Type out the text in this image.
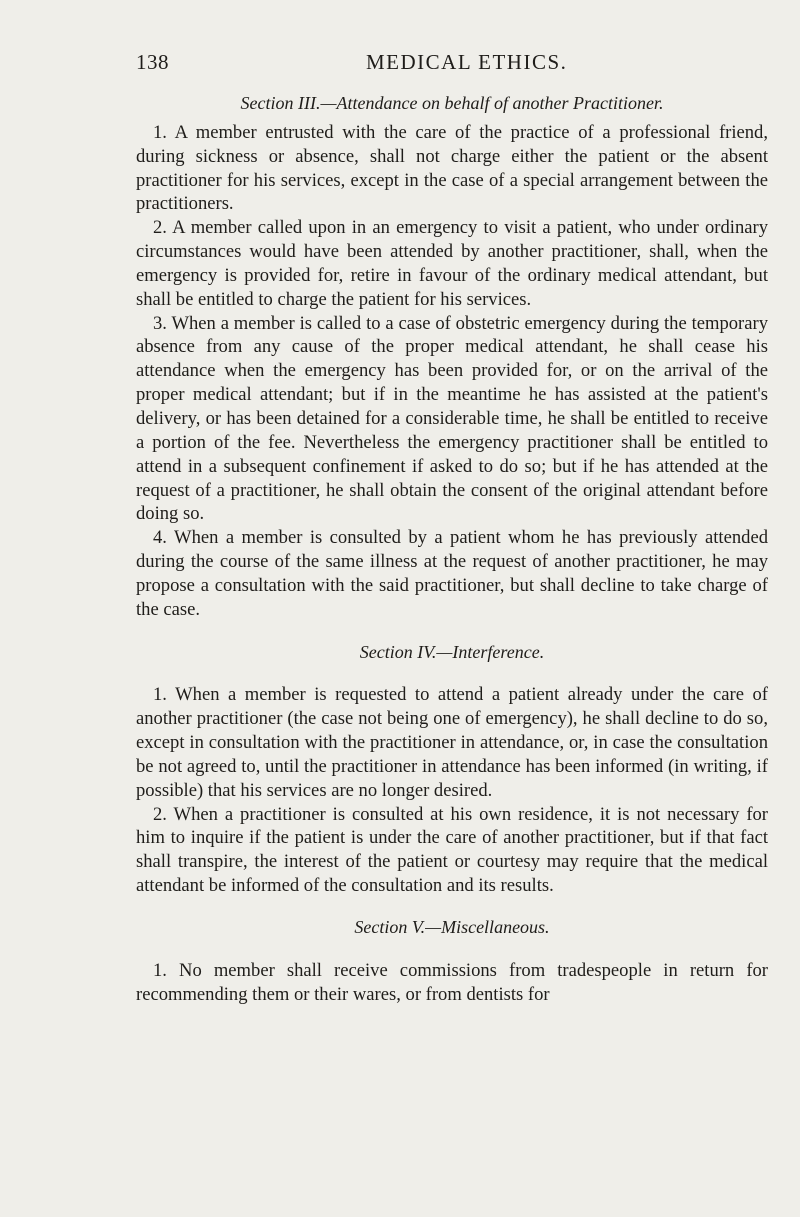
138	MEDICAL ETHICS.

Section III.—Attendance on behalf of another Practitioner.

1. A member entrusted with the care of the practice of a professional friend, during sickness or absence, shall not charge either the patient or the absent practitioner for his services, except in the case of a special arrangement between the practitioners.

2. A member called upon in an emergency to visit a patient, who under ordinary circumstances would have been attended by another practitioner, shall, when the emergency is provided for, retire in favour of the ordinary medical attendant, but shall be entitled to charge the patient for his services.

3. When a member is called to a case of obstetric emergency during the temporary absence from any cause of the proper medical attendant, he shall cease his attendance when the emergency has been provided for, or on the arrival of the proper medical attendant; but if in the meantime he has assisted at the patient's delivery, or has been detained for a considerable time, he shall be entitled to receive a portion of the fee. Nevertheless the emergency practitioner shall be entitled to attend in a subsequent confinement if asked to do so; but if he has attended at the request of a practitioner, he shall obtain the consent of the original attendant before doing so.

4. When a member is consulted by a patient whom he has previously attended during the course of the same illness at the request of another practitioner, he may propose a consultation with the said practitioner, but shall decline to take charge of the case.

Section IV.—Interference.

1. When a member is requested to attend a patient already under the care of another practitioner (the case not being one of emergency), he shall decline to do so, except in consultation with the practitioner in attendance, or, in case the consultation be not agreed to, until the practitioner in attendance has been informed (in writing, if possible) that his services are no longer desired.

2. When a practitioner is consulted at his own residence, it is not necessary for him to inquire if the patient is under the care of another practitioner, but if that fact shall transpire, the interest of the patient or courtesy may require that the medical attendant be informed of the consultation and its results.

Section V.—Miscellaneous.

1. No member shall receive commissions from tradespeople in return for recommending them or their wares, or from dentists for
